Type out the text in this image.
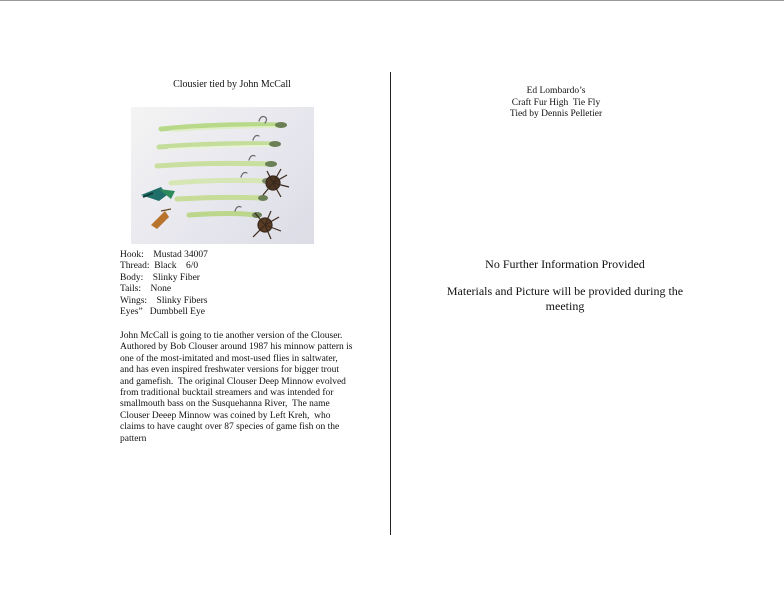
Clousier tied by John McCall
Hook:    Mustad 34007
Thread:  Black    6/0
Body:    Slinky Fiber
Tails:    None
Wings:    Slinky Fibers
Eyes”   Dumbbell Eye
John McCall is going to tie another version of the Clouser.
Authored by Bob Clouser around 1987 his minnow pattern is
one of the most-imitated and most-used flies in saltwater,
and has even inspired freshwater versions for bigger trout
and gamefish.  The original Clouser Deep Minnow evolved
from traditional bucktail streamers and was intended for
smallmouth bass on the Susquehanna River,  The name
Clouser Deeep Minnow was coined by Left Kreh,  who
claims to have caught over 87 species of game fish on the
pattern
Ed Lombardo’s
Craft Fur High  Tie Fly
Tied by Dennis Pelletier
No Further Information Provided
Materials and Picture will be provided during the meeting
